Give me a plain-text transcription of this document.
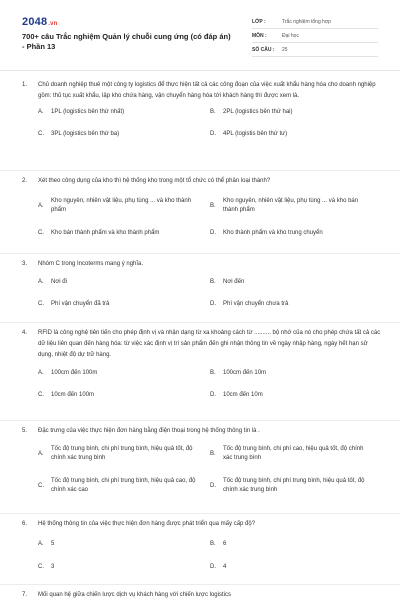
2048.vn
700+ câu Trắc nghiệm Quản lý chuỗi cung ứng (có đáp án) - Phần 13
LỚP :	Trắc nghiệm tổng hợp
MÔN :	Đại học
SỐ CÂU :	25
1.	Chủ doanh nghiệp thuê một công ty logistics để thực hiện tất cả các công đoạn của việc xuất khẩu hàng hóa cho doanh nghiệp gồm: thủ tục xuất khẩu, lập kho chứa hàng, vận chuyển hàng hóa tới khách hàng thì được xem là.
A.	1PL (logistics bên thứ nhất)	B.	2PL (logistics bên thứ hai)
C.	3PL (logistics bên thứ ba)	D.	4PL (logistis bên thứ tư)
2.	Xét theo công dụng của kho thì hệ thống kho trong một tổ chức có thể phân loại thành?
A.
Kho nguyên, nhiên vật liệu, phụ tùng ... và kho thành phẩm
B.
Kho nguyên, nhiên vật liệu, phụ tùng ... và kho bán thành phẩm
C.	Kho bán thành phẩm và kho thành phẩm	D.	Kho thành phẩm và kho trung chuyển
3.	Nhóm C trong Incoterms mang ý nghĩa.
A.	Nơi đi	B.	Nơi đến
C.	Phí vận chuyển đã trả	D.	Phí vận chuyển chưa trả
4.	RFID là công nghệ tiên tiến cho phép định vị và nhận dạng từ xa khoảng cách từ .......... bộ nhớ của nó cho phép chứa tất cả các dữ liệu liên quan đến hàng hóa: từ việc xác định vị trí sản phẩm đến ghi nhận thông tin về ngày nhập hàng, ngày hết hạn sử dụng, nhiệt độ dự trữ hàng.
A.	100cm đến 100m	B.	100cm đến 10m
C.	10cm đến 100m	D.	10cm đến 10m
5.	Đặc trưng của việc thực hiện đơn hàng bằng điện thoại trong hệ thống thông tin là .
A.
Tốc độ trung bình, chi phí trung bình, hiệu quả tốt, độ chính xác trung bình
B.
Tốc độ trung bình, chi phí cao, hiệu quả tốt, độ chính xác trung bình
C.
Tốc độ trung bình, chi phí trung bình, hiệu quả cao, độ chính xác cao
D.
Tốc độ trung bình, chi phí trung bình, hiệu quả tốt, độ chính xác trung bình
6.	Hệ thống thông tin của việc thực hiện đơn hàng được phát triển qua mấy cấp độ?
A.	5	B.	6
C.	3	D.	4
7.	Mối quan hệ giữa chiến lược dịch vụ khách hàng với chiến lược logistics
